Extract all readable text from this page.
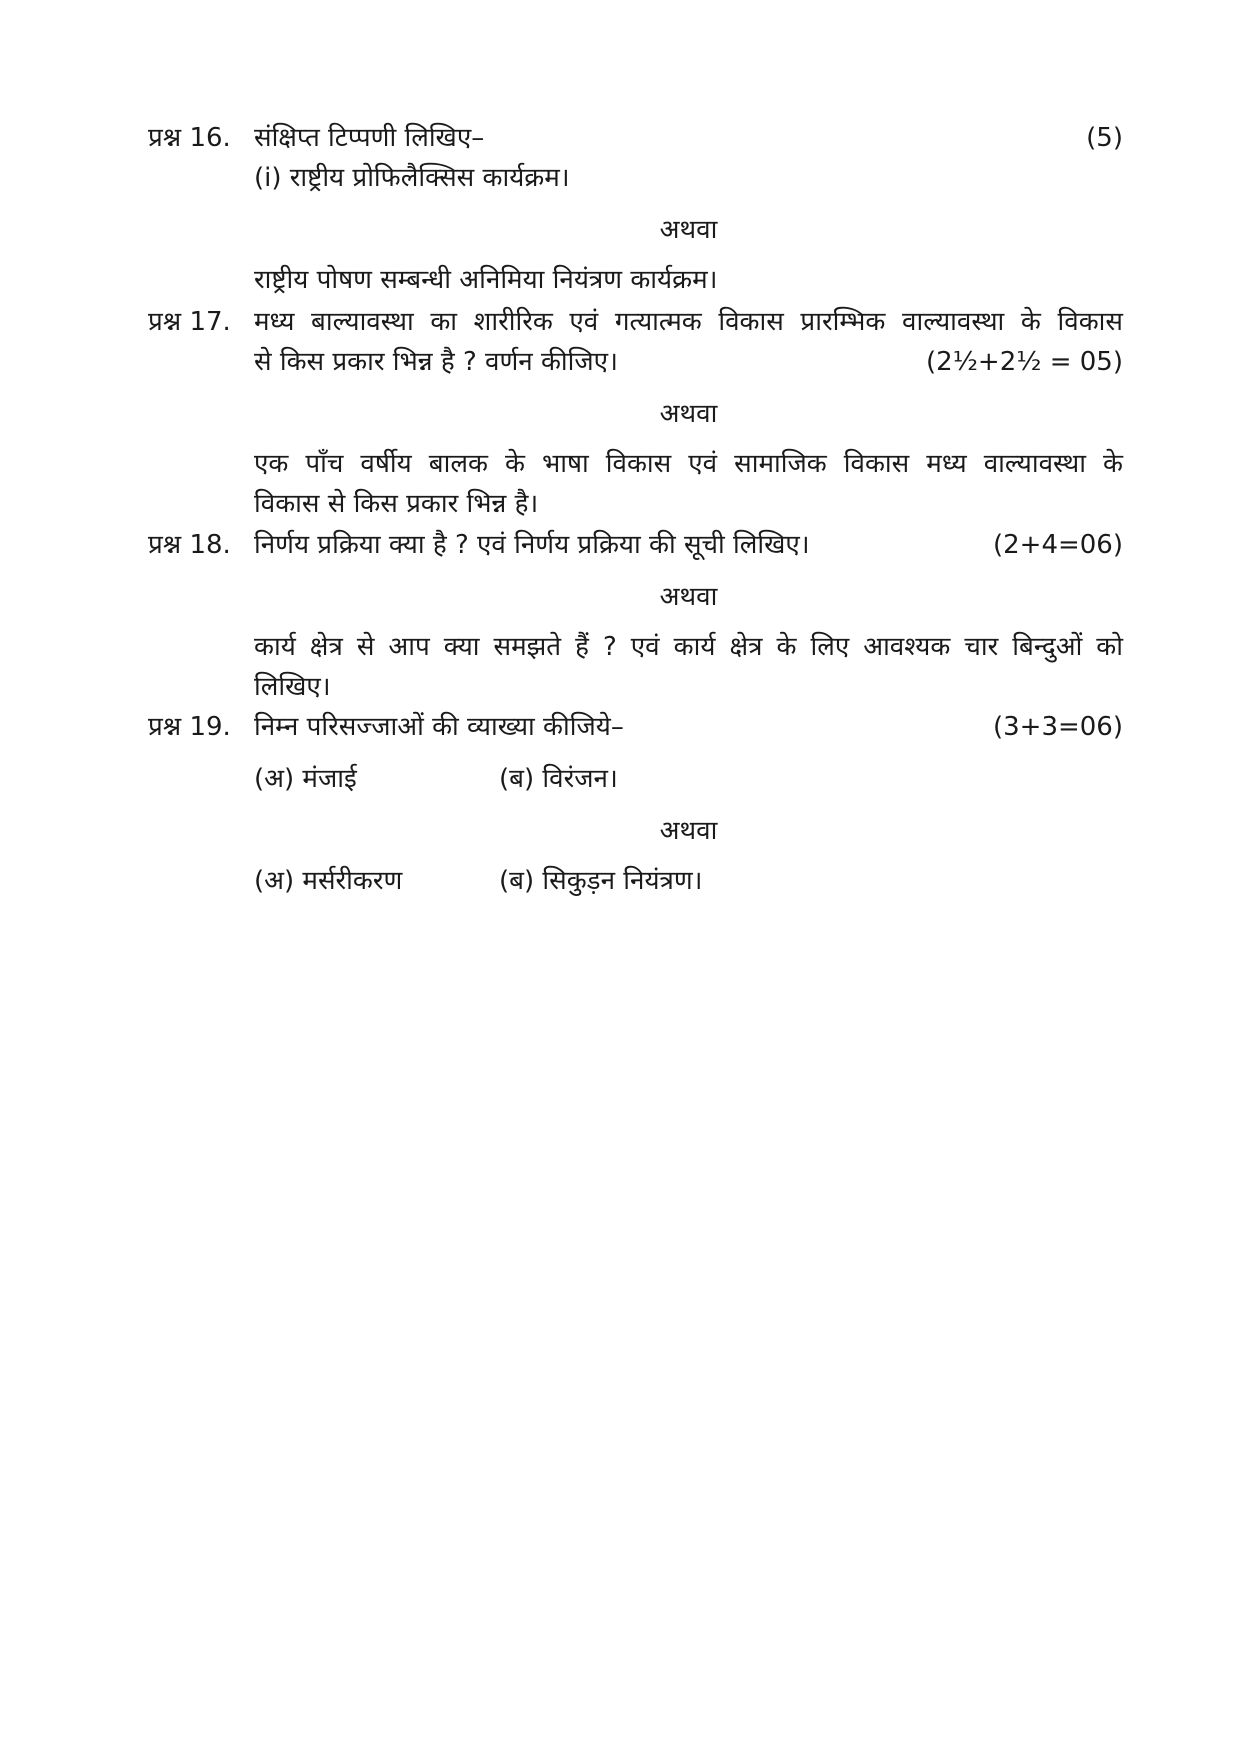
प्रश्न 16. संक्षिप्त टिप्पणी लिखिए–	(5)
(i) राष्ट्रीय प्रोफिलैक्सिस कार्यक्रम।
अथवा
राष्ट्रीय पोषण सम्बन्धी अनिमिया नियंत्रण कार्यक्रम।
प्रश्न 17. मध्य बाल्यावस्था का शारीरिक एवं गत्यात्मक विकास प्रारम्भिक वाल्यावस्था के विकास
से किस प्रकार भिन्न है ? वर्णन कीजिए।	(2½+2½ = 05)
अथवा
एक पाँच वर्षीय बालक के भाषा विकास एवं सामाजिक विकास मध्य वाल्यावस्था के
विकास से किस प्रकार भिन्न है।
प्रश्न 18. निर्णय प्रक्रिया क्या है ? एवं निर्णय प्रक्रिया की सूची लिखिए।	(2+4=06)
अथवा
कार्य क्षेत्र से आप क्या समझते हैं ? एवं कार्य क्षेत्र के लिए आवश्यक चार बिन्दुओं को
लिखिए।
प्रश्न 19. निम्न परिसज्जाओं की व्याख्या कीजिये–	(3+3=06)
(अ) मंजाई	(ब) विरंजन।
अथवा
(अ) मर्सरीकरण	(ब) सिकुड़न नियंत्रण।
